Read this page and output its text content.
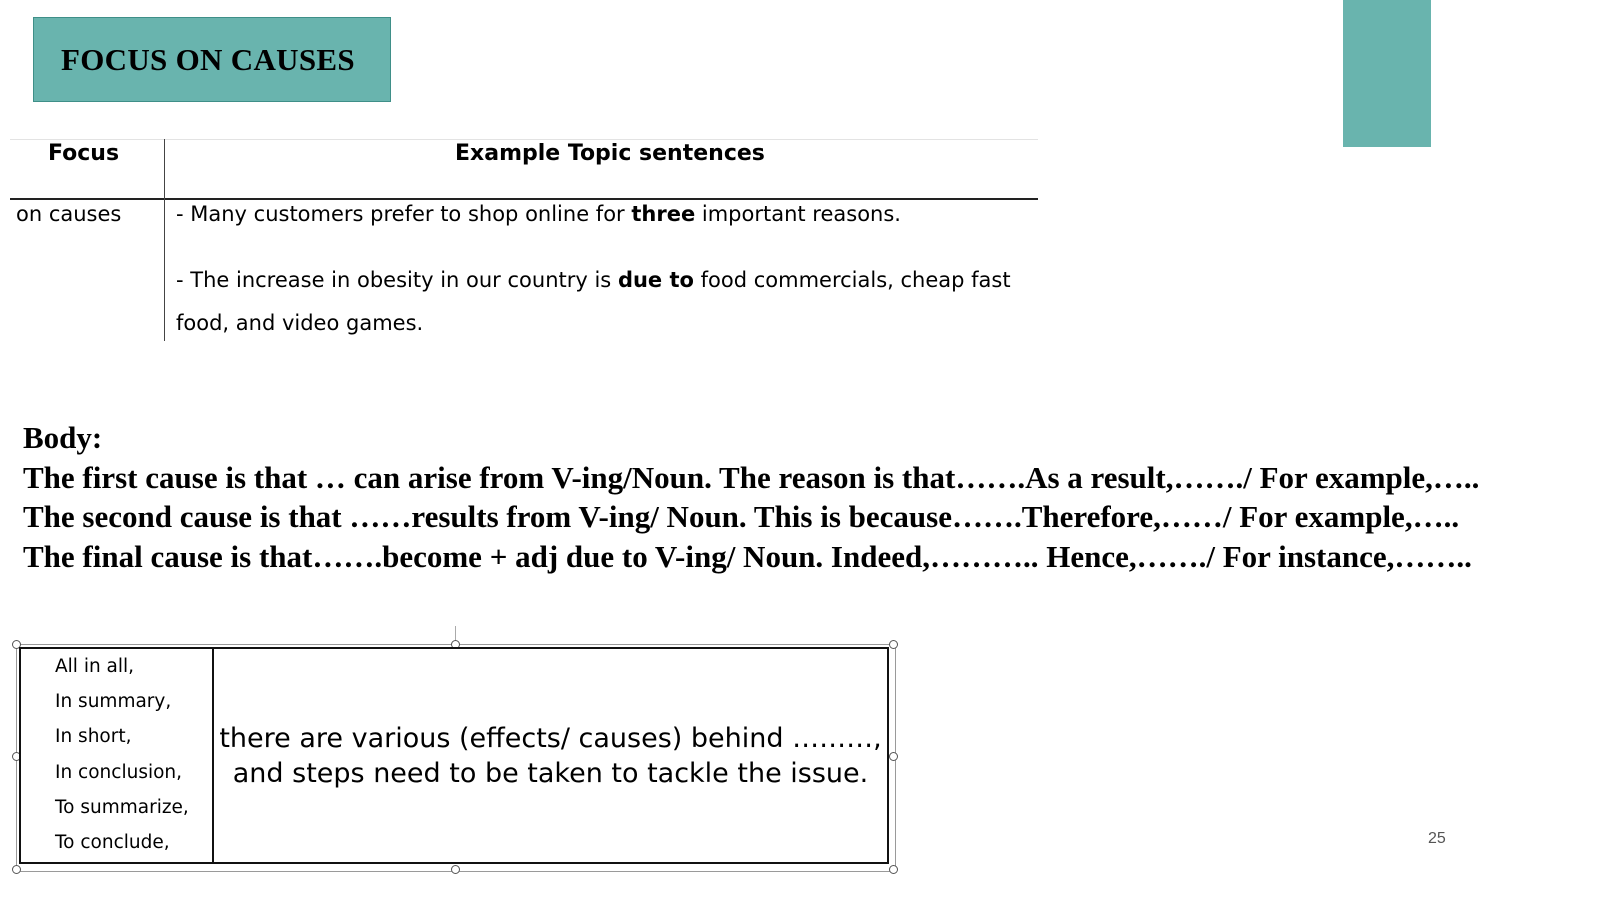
FOCUS ON CAUSES
Focus	Example Topic sentences
on causes	- Many customers prefer to shop online for three important reasons.
- The increase in obesity in our country is due to food commercials, cheap fast food, and video games.
Body:
The first cause is that … can arise from V-ing/Noun. The reason is that…….As a result,……./ For example,…..
The second cause is that ……results from V-ing/ Noun. This is because…….Therefore,……/ For example,…..
The final cause is that…….become + adj due to V-ing/ Noun. Indeed,……….. Hence,……./ For instance,……..
All in all,
In summary,
In short,
In conclusion,
To summarize,
To conclude,
there are various (effects/ causes) behind ………, and steps need to be taken to tackle the issue.
25
